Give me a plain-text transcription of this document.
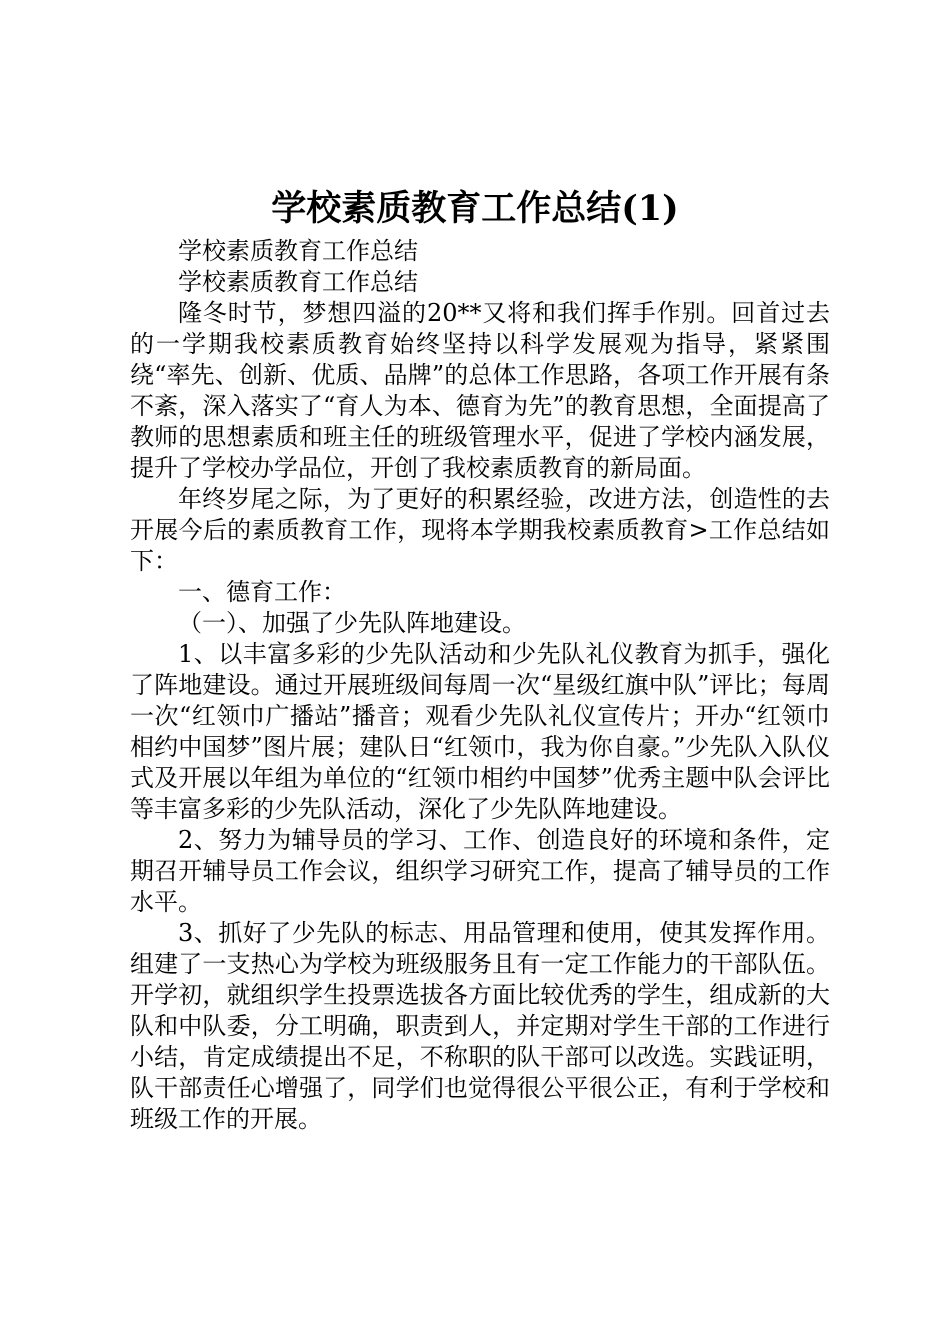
学校素质教育工作总结(1)

学校素质教育工作总结

学校素质教育工作总结

隆冬时节，梦想四溢的20**又将和我们挥手作别。回首过去的一学期我校素质教育始终坚持以科学发展观为指导，紧紧围绕“率先、创新、优质、品牌”的总体工作思路，各项工作开展有条不紊，深入落实了“育人为本、德育为先”的教育思想，全面提高了教师的思想素质和班主任的班级管理水平，促进了学校内涵发展，提升了学校办学品位，开创了我校素质教育的新局面。

年终岁尾之际，为了更好的积累经验，改进方法，创造性的去开展今后的素质教育工作，现将本学期我校素质教育>工作总结如下：

一、德育工作：

（一）、加强了少先队阵地建设。

1、以丰富多彩的少先队活动和少先队礼仪教育为抓手，强化了阵地建设。通过开展班级间每周一次“星级红旗中队”评比；每周一次“红领巾广播站”播音；观看少先队礼仪宣传片；开办“红领巾相约中国梦”图片展；建队日“红领巾，我为你自豪。”少先队入队仪式及开展以年组为单位的“红领巾相约中国梦”优秀主题中队会评比等丰富多彩的少先队活动，深化了少先队阵地建设。

2、努力为辅导员的学习、工作、创造良好的环境和条件，定期召开辅导员工作会议，组织学习研究工作，提高了辅导员的工作水平。

3、抓好了少先队的标志、用品管理和使用，使其发挥作用。组建了一支热心为学校为班级服务且有一定工作能力的干部队伍。开学初，就组织学生投票选拔各方面比较优秀的学生，组成新的大队和中队委，分工明确，职责到人，并定期对学生干部的工作进行小结，肯定成绩提出不足，不称职的队干部可以改选。实践证明，队干部责任心增强了，同学们也觉得很公平很公正，有利于学校和班级工作的开展。
